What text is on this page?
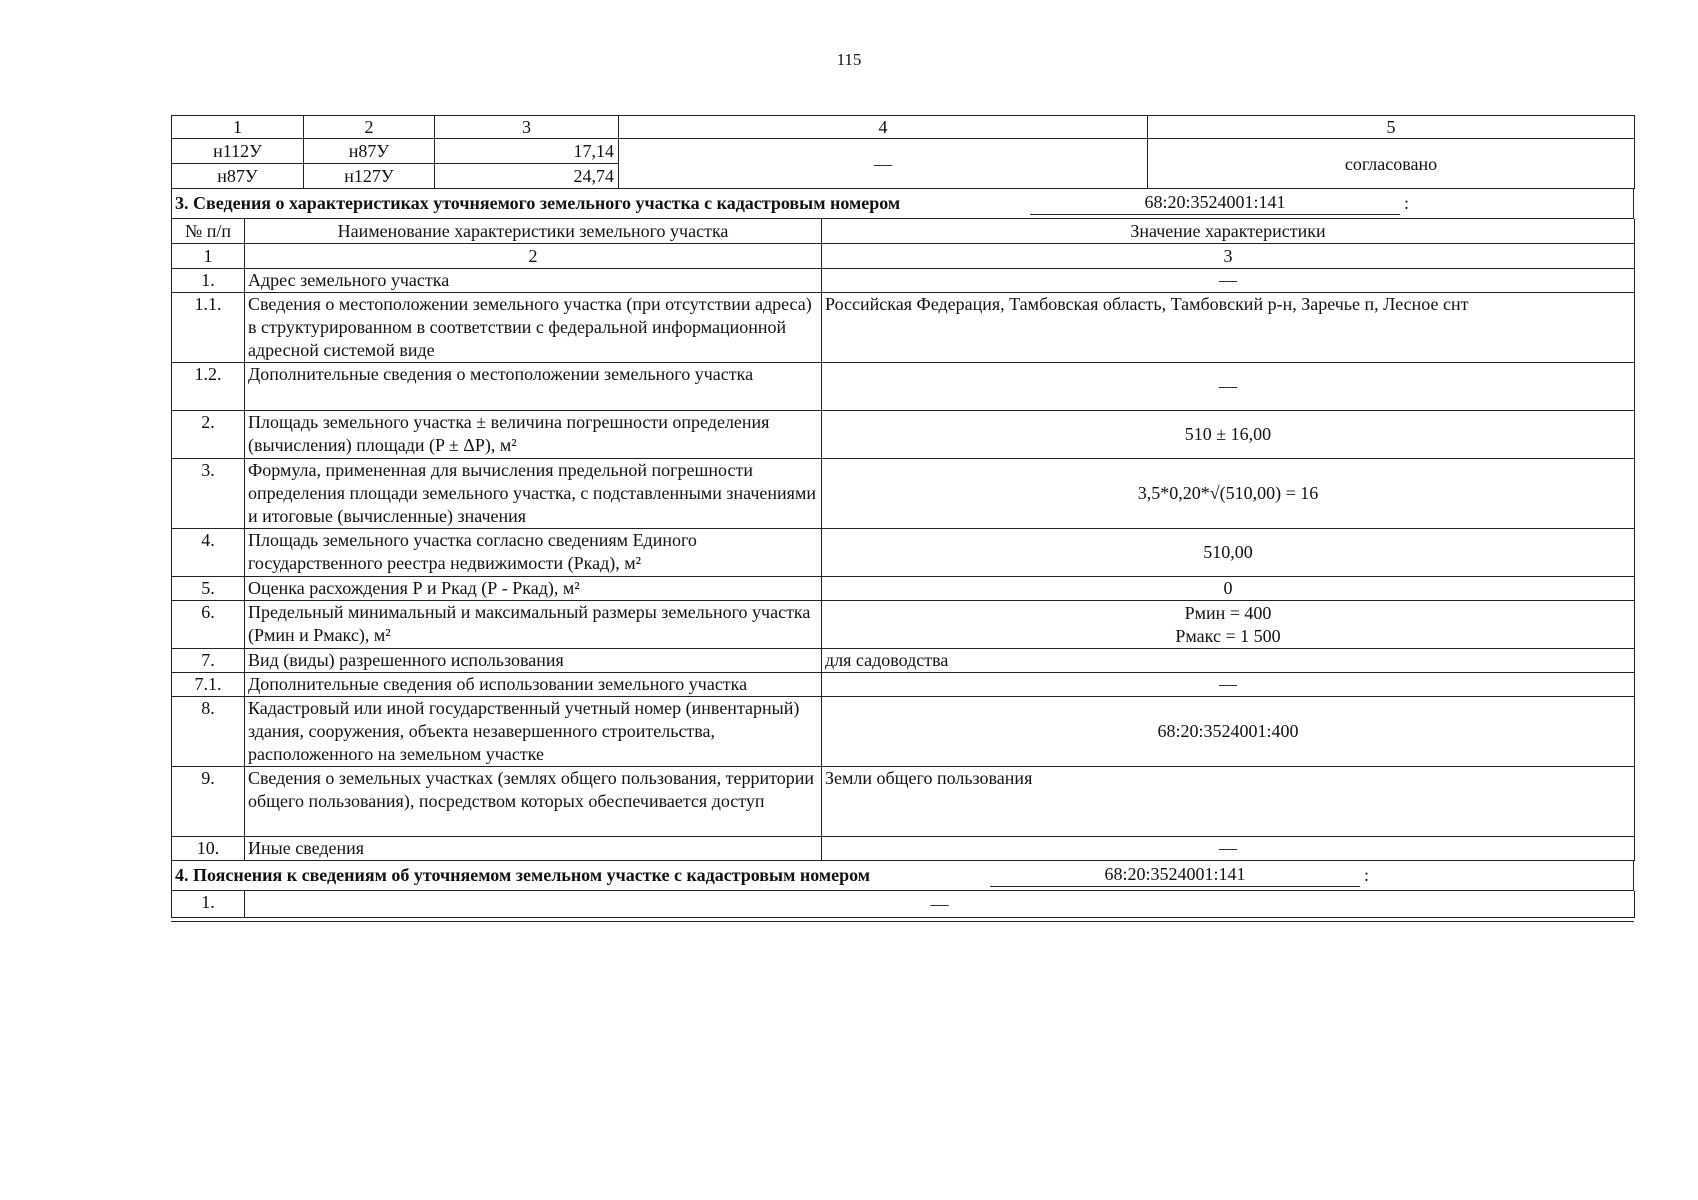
115
1	2	3	4	5
н112У	н87У	17,14	—	согласовано
н87У	н127У	24,74		
3. Сведения о характеристиках уточняемого земельного участка с кадастровым номером	68:20:3524001:141	:
№ п/п	Наименование характеристики земельного участка	Значение характеристики
1	2	3
1.	Адрес земельного участка	—
1.1.	Сведения о местоположении земельного участка (при отсутствии адреса) в структурированном в соответствии с федеральной информационной адресной системой виде	Российская Федерация, Тамбовская область, Тамбовский р-н, Заречье п, Лесное снт
1.2.	Дополнительные сведения о местоположении земельного участка	—
2.	Площадь земельного участка ± величина погрешности определения (вычисления) площади (P ± ΔP), м²	510 ± 16,00
3.	Формула, примененная для вычисления предельной погрешности определения площади земельного участка, с подставленными значениями и итоговые (вычисленные) значения	3,5*0,20*√(510,00) = 16
4.	Площадь земельного участка согласно сведениям Единого государственного реестра недвижимости (Ркад), м²	510,00
5.	Оценка расхождения Р и Ркад (Р - Ркад), м²	0
6.	Предельный минимальный и максимальный размеры земельного участка (Рмин и Рмакс), м²	Рмин = 400
Рмакс = 1 500

7.	Вид (виды) разрешенного использования	для садоводства
7.1.	Дополнительные сведения об использовании земельного участка	—
8.	Кадастровый или иной государственный учетный номер (инвентарный) здания, сооружения, объекта незавершенного строительства, расположенного на земельном участке	68:20:3524001:400
9.	Сведения о земельных участках (землях общего пользования, территории общего пользования), посредством которых обеспечивается доступ	Земли общего пользования
10.	Иные сведения	—
4. Пояснения к сведениям об уточняемом земельном участке с кадастровым номером	68:20:3524001:141	:
1.	—
